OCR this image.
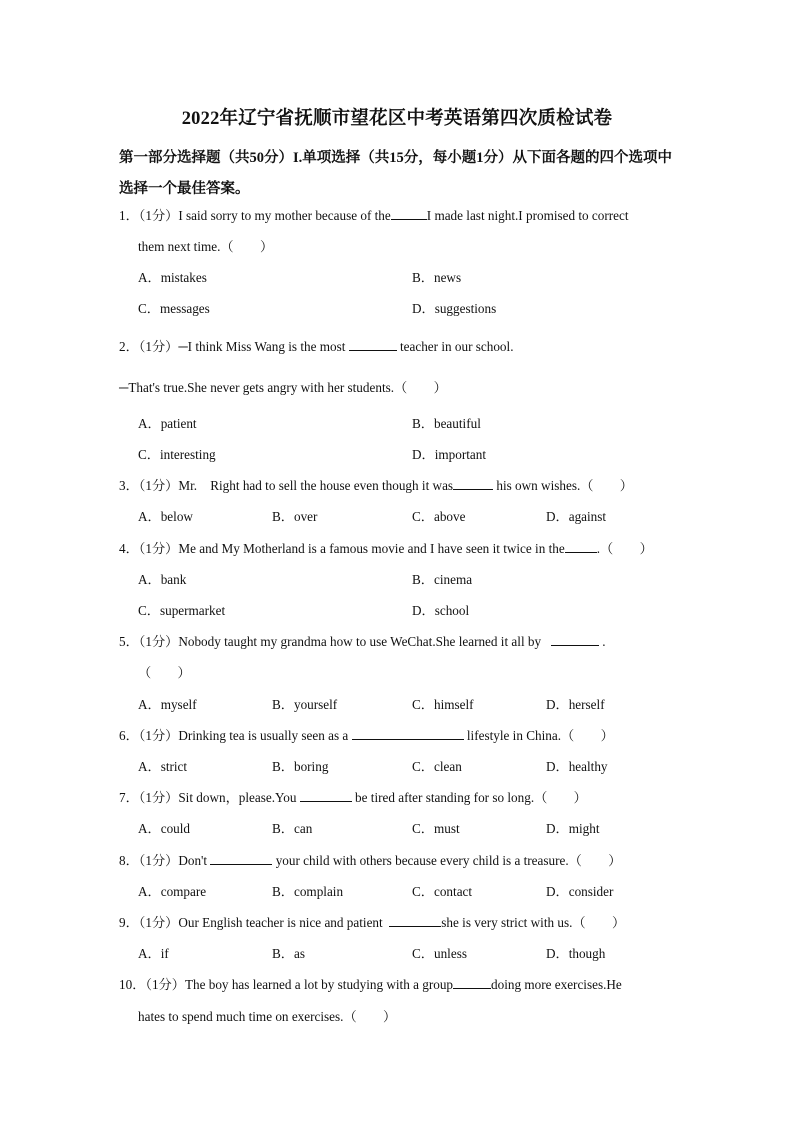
2022年辽宁省抚顺市望花区中考英语第四次质检试卷
第一部分选择题（共50分）I.单项选择（共15分，每小题1分）从下面各题的四个选项中
选择一个最佳答案。
1．（1分）I said sorry to my mother because of the	I made last night.I promised to correct
them next time.（　　）
A．mistakes	B．news
C．messages	D．suggestions
2．（1分）─I think Miss Wang is the most	teacher in our school.
─That's true.She never gets angry with her students.（　　）
A．patient	B．beautiful
C．interesting	D．important
3．（1分）Mr.　Right had to sell the house even though it was	his own wishes.（　　）
A．below	B．over	C．above	D．against
4．（1分）Me and My Motherland is a famous movie and I have seen it twice in the .（　　）
A．bank	B．cinema
C．supermarket	D．school
5．（1分）Nobody taught my grandma how to use WeChat.She learned it all by	.
（　　）
A．myself	B．yourself	C．himself	D．herself
6．（1分）Drinking tea is usually seen as a	lifestyle in China.（　　）
A．strict	B．boring	C．clean	D．healthy
7．（1分）Sit down，please.You	be tired after standing for so long.（　　）
A．could	B．can	C．must	D．might
8．（1分）Don't	your child with others because every child is a treasure.（　　）
A．compare	B．complain	C．contact	D．consider
9．（1分）Our English teacher is nice and patient	she is very strict with us.（　　）
A．if	B．as	C．unless	D．though
10．（1分）The boy has learned a lot by studying with a group	doing more exercises.He
hates to spend much time on exercises.（　　）
